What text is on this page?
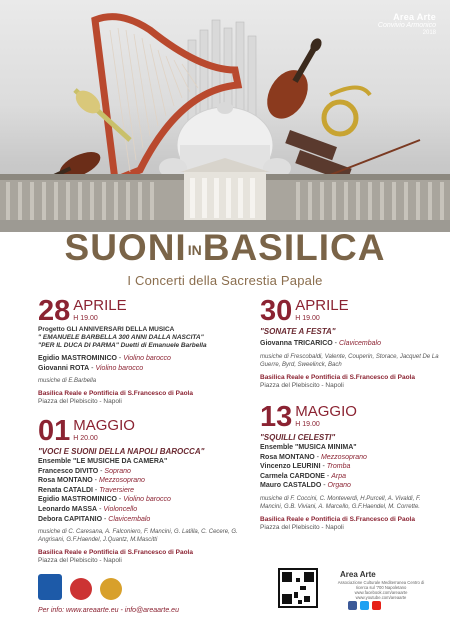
Area Arte
Convivio Armonico
2018
SUONIINBASILICA
I Concerti della Sacrestia Papale
28 APRILE
H 19.00
Progetto GLI ANNIVERSARI DELLA MUSICA
" EMANUELE BARBELLA 300 ANNI DALLA NASCITA"
"PER IL DUCA DI PARMA" Duetti di Emanuele Barbella
Egidio MASTROMINICO - Violino barocco
Giovanni ROTA - Violino barocco
musiche di E.Barbella
Basilica Reale e Pontificia di S.Francesco di Paola
Piazza del Plebiscito - Napoli
30 APRILE
H 19.00
"SONATE A FESTA"
Giovanna TRICARICO - Clavicembalo
musiche di Frescobaldi, Valente, Couperin, Storace, Jacquet De La Guerre, Byrd, Sweelinck, Bach
Basilica Reale e Pontificia di S.Francesco di Paola
Piazza del Plebiscito - Napoli
01 MAGGIO
H 20.00
"VOCI E SUONI DELLA NAPOLI BAROCCA"
Ensemble "LE MUSICHE DA CAMERA"
Francesco DIVITO - Soprano
Rosa MONTANO - Mezzosoprano
Renata CATALDI - Traversiere
Egidio MASTROMINICO - Violino barocco
Leonardo MASSA - Violoncello
Debora CAPITANIO - Clavicembalo
musiche di C. Caresana, A. Falconiero, F. Mancini, G. Latilla, C. Cecere, G. Angrisani, G.F.Haendel, J.Quantz, M.Mascitti
Basilica Reale e Pontificia di S.Francesco di Paola
Piazza del Plebiscito - Napoli
13 MAGGIO
H 19.00
"SQUILLI CELESTI"
Ensemble "MUSICA MINIMA"
Rosa MONTANO - Mezzosoprano
Vincenzo LEURINI - Tromba
Carmela CARDONE - Arpa
Mauro CASTALDO - Organo
musiche di F. Coccini, C. Monteverdi, H.Purcell, A. Vivaldi, F. Mancini, G.B. Viviani, A. Marcello, G.F.Haendel, M. Corrette.
Basilica Reale e Pontificia di S.Francesco di Paola
Piazza del Plebiscito - Napoli
Per info: www.areaarte.eu - info@areaarte.eu
Area Arte
Associazione Culturale Mediterranea Centro di ricerca sul '700 Napoletano www.facebook.com/areaarte www.youtube.com/areaarte
